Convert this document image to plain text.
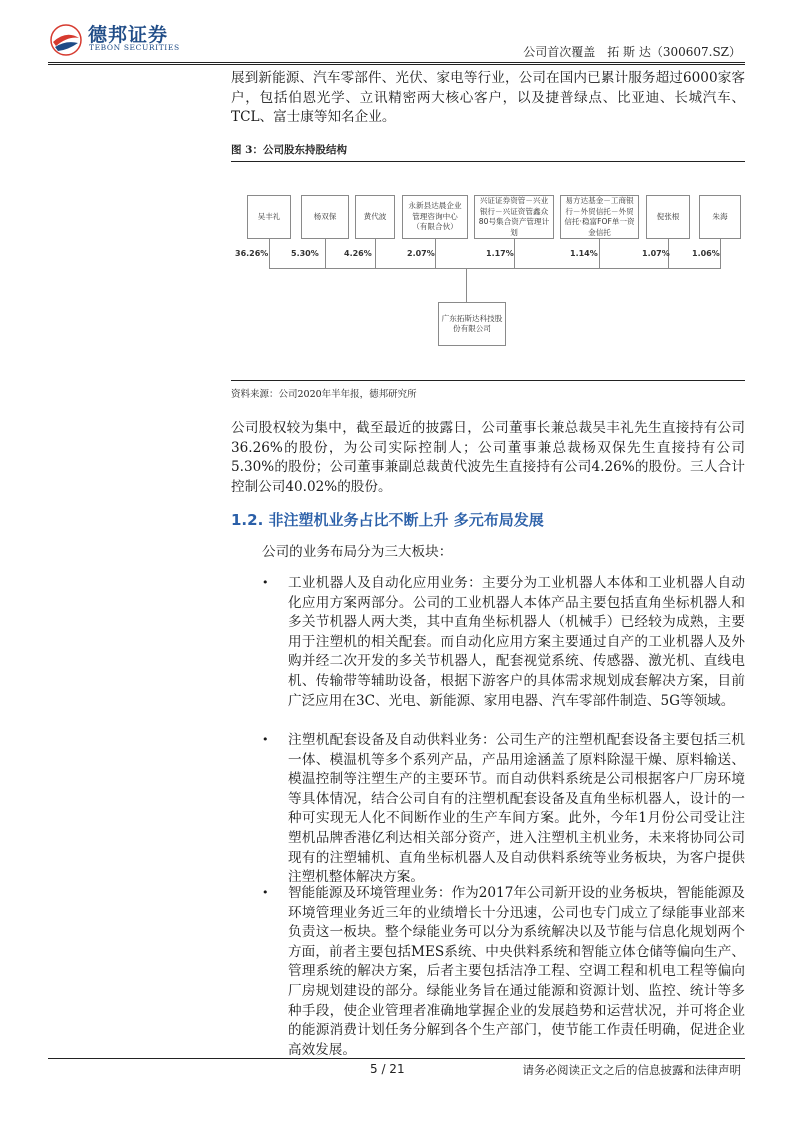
德邦证券
TEBON SECURITIES	公司首次覆盖　拓 斯 达（300607.SZ）
展到新能源、汽车零部件、光伏、家电等行业，公司在国内已累计服务超过6000家客户，包括伯恩光学、立讯精密两大核心客户，以及捷普绿点、比亚迪、长城汽车、TCL、富士康等知名企业。
图 3：公司股东持股结构
吴丰礼	杨双保	黄代波
永新县达晨企业管理咨询中心（有限合伙）
兴证证券资管－兴业银行－兴证资管鑫众80号集合资产管理计划
易方达基金－工商银行－外贸信托－外贸信托·稳富FOF单一资金信托
倪张根	朱海
36.26%	5.30%	4.26%	2.07%	1.17%	1.14%	1.07%	1.06%
广东拓斯达科技股份有限公司
资料来源：公司2020年半年报，德邦研究所
公司股权较为集中，截至最近的披露日，公司董事长兼总裁吴丰礼先生直接持有公司36.26%的股份，为公司实际控制人；公司董事兼总裁杨双保先生直接持有公司5.30%的股份；公司董事兼副总裁黄代波先生直接持有公司4.26%的股份。三人合计控制公司40.02%的股份。
1.2. 非注塑机业务占比不断上升 多元布局发展
公司的业务布局分为三大板块：
• 工业机器人及自动化应用业务：主要分为工业机器人本体和工业机器人自动化应用方案两部分。公司的工业机器人本体产品主要包括直角坐标机器人和多关节机器人两大类，其中直角坐标机器人（机械手）已经较为成熟，主要用于注塑机的相关配套。而自动化应用方案主要通过自产的工业机器人及外购并经二次开发的多关节机器人，配套视觉系统、传感器、激光机、直线电机、传输带等辅助设备，根据下游客户的具体需求规划成套解决方案，目前广泛应用在3C、光电、新能源、家用电器、汽车零部件制造、5G等领域。
• 注塑机配套设备及自动供料业务：公司生产的注塑机配套设备主要包括三机一体、模温机等多个系列产品，产品用途涵盖了原料除湿干燥、原料输送、模温控制等注塑生产的主要环节。而自动供料系统是公司根据客户厂房环境等具体情况，结合公司自有的注塑机配套设备及直角坐标机器人，设计的一种可实现无人化不间断作业的生产车间方案。此外，今年1月份公司受让注塑机品牌香港亿利达相关部分资产，进入注塑机主机业务，未来将协同公司现有的注塑辅机、直角坐标机器人及自动供料系统等业务板块，为客户提供注塑机整体解决方案。
• 智能能源及环境管理业务：作为2017年公司新开设的业务板块，智能能源及环境管理业务近三年的业绩增长十分迅速，公司也专门成立了绿能事业部来负责这一板块。整个绿能业务可以分为系统解决以及节能与信息化规划两个方面，前者主要包括MES系统、中央供料系统和智能立体仓储等偏向生产、管理系统的解决方案，后者主要包括洁净工程、空调工程和机电工程等偏向厂房规划建设的部分。绿能业务旨在通过能源和资源计划、监控、统计等多种手段，使企业管理者准确地掌握企业的发展趋势和运营状况，并可将企业的能源消费计划任务分解到各个生产部门，使节能工作责任明确，促进企业高效发展。
5 / 21	请务必阅读正文之后的信息披露和法律声明
